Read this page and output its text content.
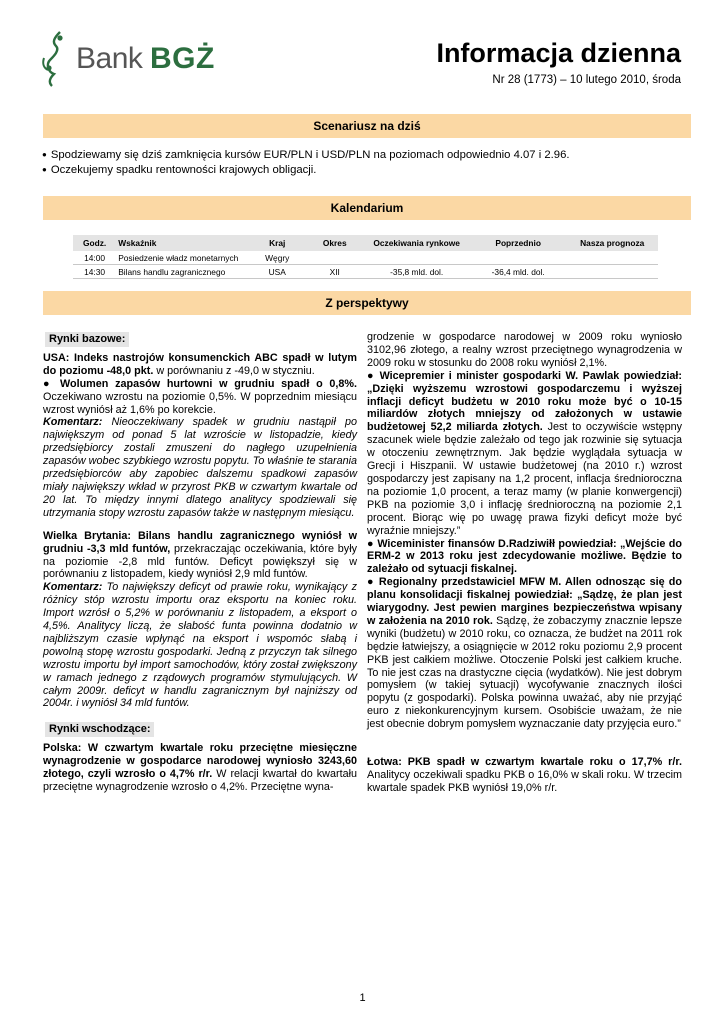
Bank BGŻ	Informacja dzienna
Nr 28 (1773) – 10 lutego 2010, środa
Scenariusz na dziś
● Spodziewamy się dziś zamknięcia kursów EUR/PLN i USD/PLN na poziomach odpowiednio 4.07 i 2.96.
● Oczekujemy spadku rentowności krajowych obligacji.
Kalendarium
Godz.	Wskaźnik	Kraj	Okres	Oczekiwania rynkowe	Poprzednio	Nasza prognoza
14:00	Posiedzenie władz monetarnych	Węgry				
14:30	Bilans handlu zagranicznego	USA	XII	-35,8 mld. dol.	-36,4 mld. dol.	
Z perspektywy
Rynki bazowe:

USA: Indeks nastrojów konsumenckich ABC spadł w lutym do poziomu -48,0 pkt. w porównaniu z -49,0 w styczniu.

● Wolumen zapasów hurtowni w grudniu spadł o 0,8%. Oczekiwano wzrostu na poziomie 0,5%. W poprzednim miesiącu wzrost wyniósł aż 1,6% po korekcie.

Komentarz: Nieoczekiwany spadek w grudniu nastąpił po największym od ponad 5 lat wzroście w listopadzie, kiedy przedsiębiorcy zostali zmuszeni do nagłego uzupełnienia zapasów wobec szybkiego wzrostu popytu. To właśnie te starania przedsiębiorców aby zapobiec dalszemu spadkowi zapasów miały największy wkład w przyrost PKB w czwartym kwartale od 20 lat. To między innymi dlatego analitycy spodziewali się utrzymania stopy wzrostu zapasów także w następnym miesiącu.

Wielka Brytania: Bilans handlu zagranicznego wyniósł w grudniu -3,3 mld funtów, przekraczając oczekiwania, które były na poziomie -2,8 mld funtów. Deficyt powiększył się w porównaniu z listopadem, kiedy wyniósł 2,9 mld funtów.

Komentarz: To największy deficyt od prawie roku, wynikający z różnicy stóp wzrostu importu oraz eksportu na koniec roku. Import wzrósł o 5,2% w porównaniu z listopadem, a eksport o 4,5%. Analitycy liczą, że słabość funta powinna dodatnio w najbliższym czasie wpłynąć na eksport i wspomóc słabą i powolną stopę wzrostu gospodarki. Jedną z przyczyn tak silnego wzrostu importu był import samochodów, który został zwiększony w ramach jednego z rządowych programów stymulujących. W całym 2009r. deficyt w handlu zagranicznym był najniższy od 2004r. i wyniósł 34 mld funtów.

Rynki wschodzące:

Polska: W czwartym kwartale roku przeciętne miesięczne wynagrodzenie w gospodarce narodowej wyniosło 3243,60 złotego, czyli wzrosło o 4,7% r/r. W relacji kwartał do kwartału przeciętne wynagrodzenie wzrosło o 4,2%. Przeciętne wyna-

grodzenie w gospodarce narodowej w 2009 roku wyniosło 3102,96 złotego, a realny wzrost przeciętnego wynagrodzenia w 2009 roku w stosunku do 2008 roku wyniósł 2,1%.

● Wicepremier i minister gospodarki W. Pawlak powiedział: „Dzięki wyższemu wzrostowi gospodarczemu i wyższej inflacji deficyt budżetu w 2010 roku może być o 10-15 miliardów złotych mniejszy od założonych w ustawie budżetowej 52,2 miliarda złotych. Jest to oczywiście wstępny szacunek wiele będzie zależało od tego jak rozwinie się sytuacja w otoczeniu zewnętrznym. Jak będzie wyglądała sytuacja w Grecji i Hiszpanii. W ustawie budżetowej (na 2010 r.) wzrost gospodarczy jest zapisany na 1,2 procent, inflacja średnioroczna na poziomie 1,0 procent, a teraz mamy (w planie konwergencji) PKB na poziomie 3,0 i inflację średnioroczną na poziomie 2,1 procent. Biorąc wię po uwagę prawa fizyki deficyt może być wyraźnie mniejszy.”

● Wiceminister finansów D.Radziwiłł powiedział: „Wejście do ERM-2 w 2013 roku jest zdecydowanie możliwe. Będzie to zależało od sytuacji fiskalnej.

● Regionalny przedstawiciel MFW M. Allen odnosząc się do planu konsolidacji fiskalnej powiedział: „Sądzę, że plan jest wiarygodny. Jest pewien margines bezpieczeństwa wpisany w założenia na 2010 rok. Sądzę, że zobaczymy znacznie lepsze wyniki (budżetu) w 2010 roku, co oznacza, że budżet na 2011 rok będzie łatwiejszy, a osiągnięcie w 2012 roku poziomu 2,9 procent PKB jest całkiem możliwe. Otoczenie Polski jest całkiem kruche. To nie jest czas na drastyczne cięcia (wydatków). Nie jest dobrym pomysłem (w takiej sytuacji) wycofywanie znacznych ilości popytu (z gospodarki). Polska powinna uważać, aby nie przyjąć euro z niekonkurencyjnym kursem. Osobiście uważam, że nie jest obecnie dobrym pomysłem wyznaczanie daty przyjęcia euro.”

Łotwa: PKB spadł w czwartym kwartale roku o 17,7% r/r. Analitycy oczekiwali spadku PKB o 16,0% w skali roku. W trzecim kwartale spadek PKB wyniósł 19,0% r/r.

1
